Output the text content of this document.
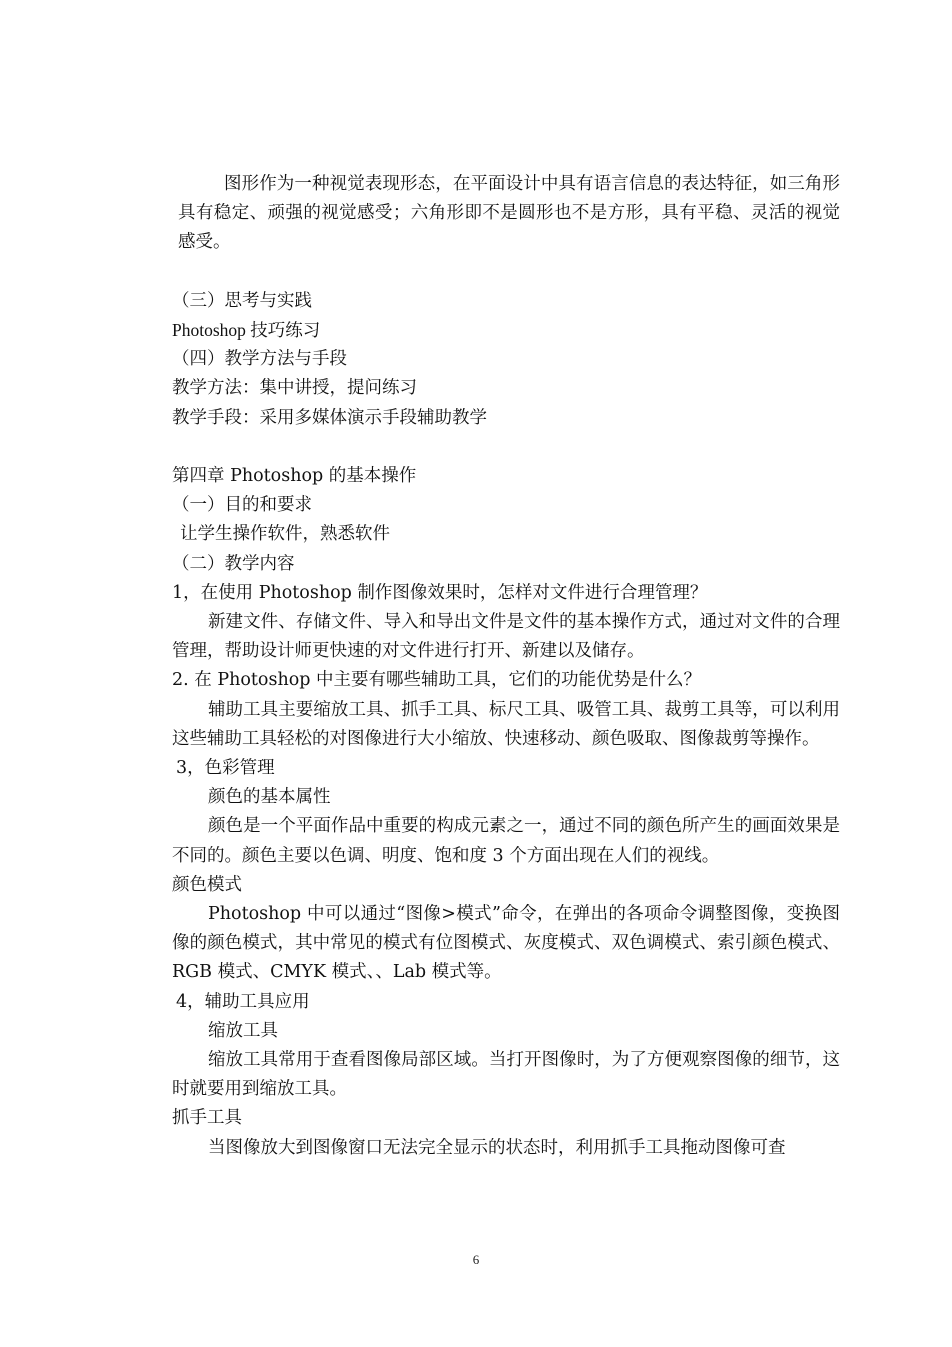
图形作为一种视觉表现形态，在平面设计中具有语言信息的表达特征，如三角形具有稳定、顽强的视觉感受；六角形即不是圆形也不是方形，具有平稳、灵活的视觉感受。

（三）思考与实践

Photoshop 技巧练习

（四）教学方法与手段

教学方法：集中讲授，提问练习

教学手段：采用多媒体演示手段辅助教学

第四章 Photoshop 的基本操作

（一）目的和要求

让学生操作软件，熟悉软件

（二）教学内容

1，在使用 Photoshop 制作图像效果时，怎样对文件进行合理管理？

新建文件、存储文件、导入和导出文件是文件的基本操作方式，通过对文件的合理管理，帮助设计师更快速的对文件进行打开、新建以及储存。

2. 在 Photoshop 中主要有哪些辅助工具，它们的功能优势是什么？

辅助工具主要缩放工具、抓手工具、标尺工具、吸管工具、裁剪工具等，可以利用这些辅助工具轻松的对图像进行大小缩放、快速移动、颜色吸取、图像裁剪等操作。

3，色彩管理

颜色的基本属性

颜色是一个平面作品中重要的构成元素之一，通过不同的颜色所产生的画面效果是不同的。颜色主要以色调、明度、饱和度 3 个方面出现在人们的视线。

颜色模式

Photoshop 中可以通过“图像>模式”命令，在弹出的各项命令调整图像，变换图像的颜色模式，其中常见的模式有位图模式、灰度模式、双色调模式、索引颜色模式、RGB 模式、CMYK 模式、、Lab 模式等。

4，辅助工具应用

缩放工具

缩放工具常用于查看图像局部区域。当打开图像时，为了方便观察图像的细节，这时就要用到缩放工具。

抓手工具

当图像放大到图像窗口无法完全显示的状态时，利用抓手工具拖动图像可查

6
